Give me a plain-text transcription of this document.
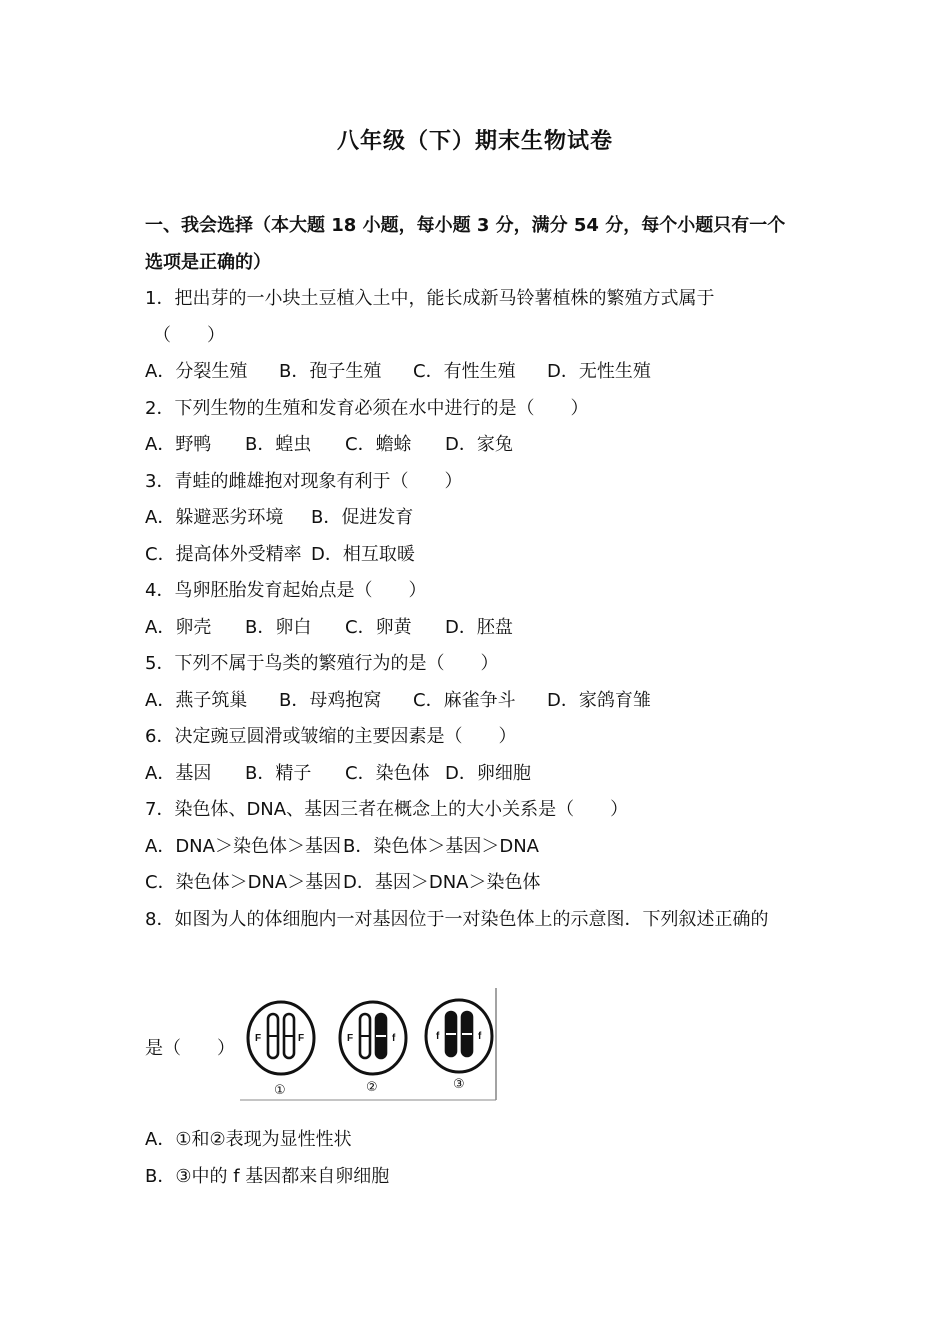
八年级（下）期末生物试卷
一、我会选择（本大题 18 小题，每小题 3 分，满分 54 分，每个小题只有一个
选项是正确的）
1．把出芽的一小块土豆植入土中，能长成新马铃薯植株的繁殖方式属于
（　　）
A．分裂生殖 B．孢子生殖 C．有性生殖 D．无性生殖
2．下列生物的生殖和发育必须在水中进行的是（　　）
A．野鸭 B．蝗虫 C．蟾蜍 D．家兔
3．青蛙的雌雄抱对现象有利于（　　）
A．躲避恶劣环境 B．促进发育
C．提高体外受精率 D．相互取暖
4．鸟卵胚胎发育起始点是（　　）
A．卵壳 B．卵白 C．卵黄 D．胚盘
5．下列不属于鸟类的繁殖行为的是（　　）
A．燕子筑巢 B．母鸡抱窝 C．麻雀争斗 D．家鸽育雏
6．决定豌豆圆滑或皱缩的主要因素是（　　）
A．基因 B．精子 C．染色体 D．卵细胞
7．染色体、DNA、基因三者在概念上的大小关系是（　　）
A．DNA＞染色体＞基因 B．染色体＞基因＞DNA
C．染色体＞DNA＞基因D．基因＞DNA＞染色体
8．如图为人的体细胞内一对基因位于一对染色体上的示意图．下列叙述正确的
是（　　） F	F
①
F	f
②
f	f
③
A．①和②表现为显性性状
B．③中的 f 基因都来自卵细胞
